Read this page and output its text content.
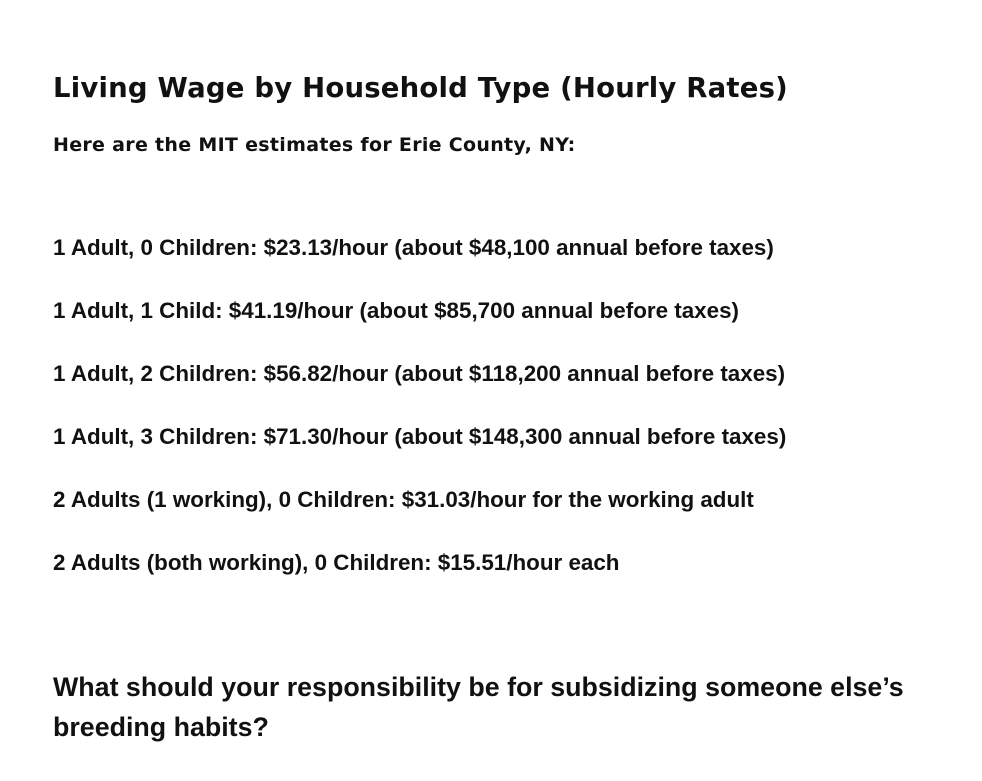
Living Wage by Household Type (Hourly Rates)

Here are the MIT estimates for Erie County, NY:

1 Adult, 0 Children: $23.13/hour (about $48,100 annual before taxes)
1 Adult, 1 Child: $41.19/hour (about $85,700 annual before taxes)
1 Adult, 2 Children: $56.82/hour (about $118,200 annual before taxes)
1 Adult, 3 Children: $71.30/hour (about $148,300 annual before taxes)
2 Adults (1 working), 0 Children: $31.03/hour for the working adult
2 Adults (both working), 0 Children: $15.51/hour each

What should your responsibility be for subsidizing someone else’s breeding habits?
